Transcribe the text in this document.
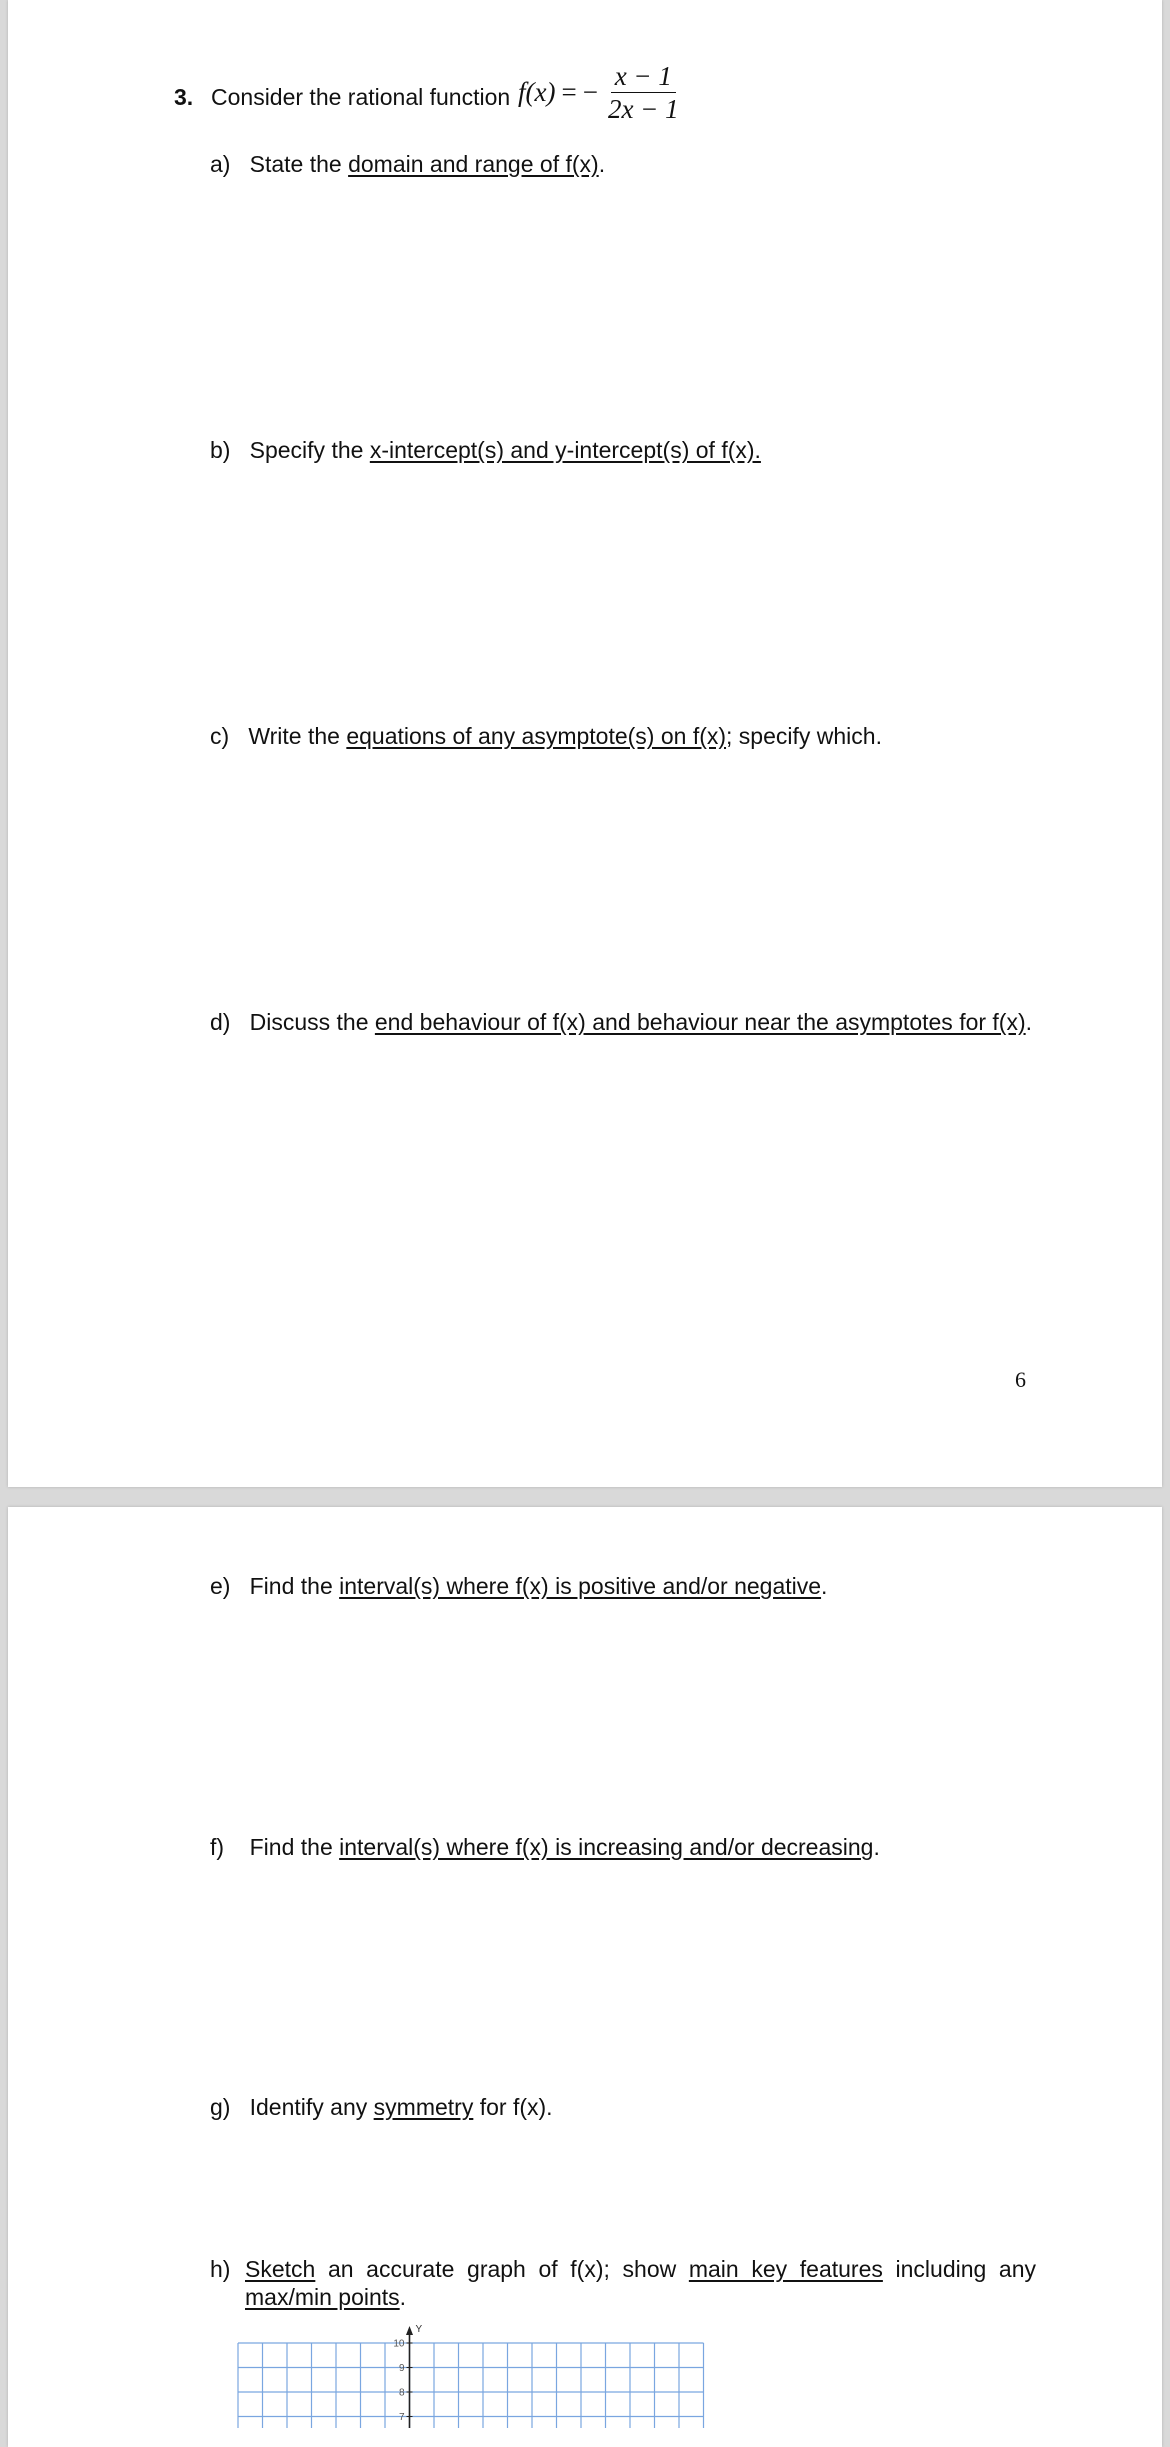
3. Consider the rational function f(x) = − $\frac{x - 1}{2x - 1}$
a) State the domain and range of f(x).
b) Specify the x-intercept(s) and y-intercept(s) of f(x).
c) Write the equations of any asymptote(s) on f(x); specify which.
d) Discuss the end behaviour of f(x) and behaviour near the asymptotes for f(x).
6
e) Find the interval(s) where f(x) is positive and/or negative.
f) Find the interval(s) where f(x) is increasing and/or decreasing.
g) Identify any symmetry for f(x).
h) Sketch an accurate graph of f(x); show main key features including any max/min points.
Y
10
9
8
7
